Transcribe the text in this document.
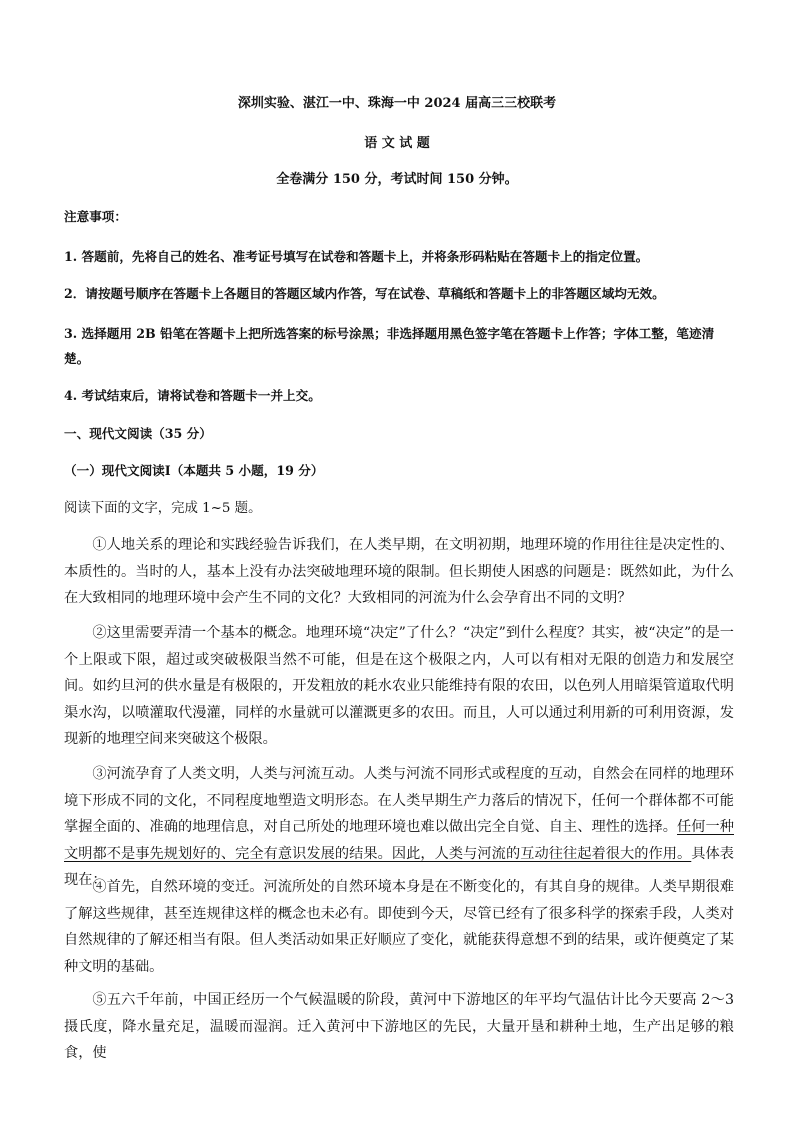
深圳实验、湛江一中、珠海一中 2024 届高三三校联考
语 文 试 题
全卷满分 150 分，考试时间 150 分钟。
注意事项：
1. 答题前，先将自己的姓名、准考证号填写在试卷和答题卡上，并将条形码粘贴在答题卡上的指定位置。
2．请按题号顺序在答题卡上各题目的答题区域内作答，写在试卷、草稿纸和答题卡上的非答题区域均无效。
3. 选择题用 2B 铅笔在答题卡上把所选答案的标号涂黑；非选择题用黑色签字笔在答题卡上作答；字体工整，笔迹清楚。
4. 考试结束后，请将试卷和答题卡一并上交。
一、现代文阅读（35 分）
（一）现代文阅读Ⅰ（本题共 5 小题，19 分）
阅读下面的文字，完成 1~5 题。

①人地关系的理论和实践经验告诉我们，在人类早期，在文明初期，地理环境的作用往往是决定性的、本质性的。当时的人，基本上没有办法突破地理环境的限制。但长期使人困惑的问题是：既然如此，为什么在大致相同的地理环境中会产生不同的文化？大致相同的河流为什么会孕育出不同的文明？

②这里需要弄清一个基本的概念。地理环境“决定”了什么？“决定”到什么程度？其实，被“决定”的是一个上限或下限，超过或突破极限当然不可能，但是在这个极限之内，人可以有相对无限的创造力和发展空间。如约旦河的供水量是有极限的，开发粗放的耗水农业只能维持有限的农田，以色列人用暗渠管道取代明渠水沟，以喷灌取代漫灌，同样的水量就可以灌溉更多的农田。而且，人可以通过利用新的可利用资源，发现新的地理空间来突破这个极限。

③河流孕育了人类文明，人类与河流互动。人类与河流不同形式或程度的互动，自然会在同样的地理环境下形成不同的文化，不同程度地塑造文明形态。在人类早期生产力落后的情况下，任何一个群体都不可能掌握全面的、准确的地理信息，对自己所处的地理环境也难以做出完全自觉、自主、理性的选择。任何一种文明都不是事先规划好的、完全有意识发展的结果。因此，人类与河流的互动往往起着很大的作用。具体表现在：

④首先，自然环境的变迁。河流所处的自然环境本身是在不断变化的，有其自身的规律。人类早期很难了解这些规律，甚至连规律这样的概念也未必有。即使到今天，尽管已经有了很多科学的探索手段，人类对自然规律的了解还相当有限。但人类活动如果正好顺应了变化，就能获得意想不到的结果，或许便奠定了某种文明的基础。

⑤五六千年前，中国正经历一个气候温暖的阶段，黄河中下游地区的年平均气温估计比今天要高 2～3 摄氏度，降水量充足，温暖而湿润。迁入黄河中下游地区的先民，大量开垦和耕种土地，生产出足够的粮食，使
